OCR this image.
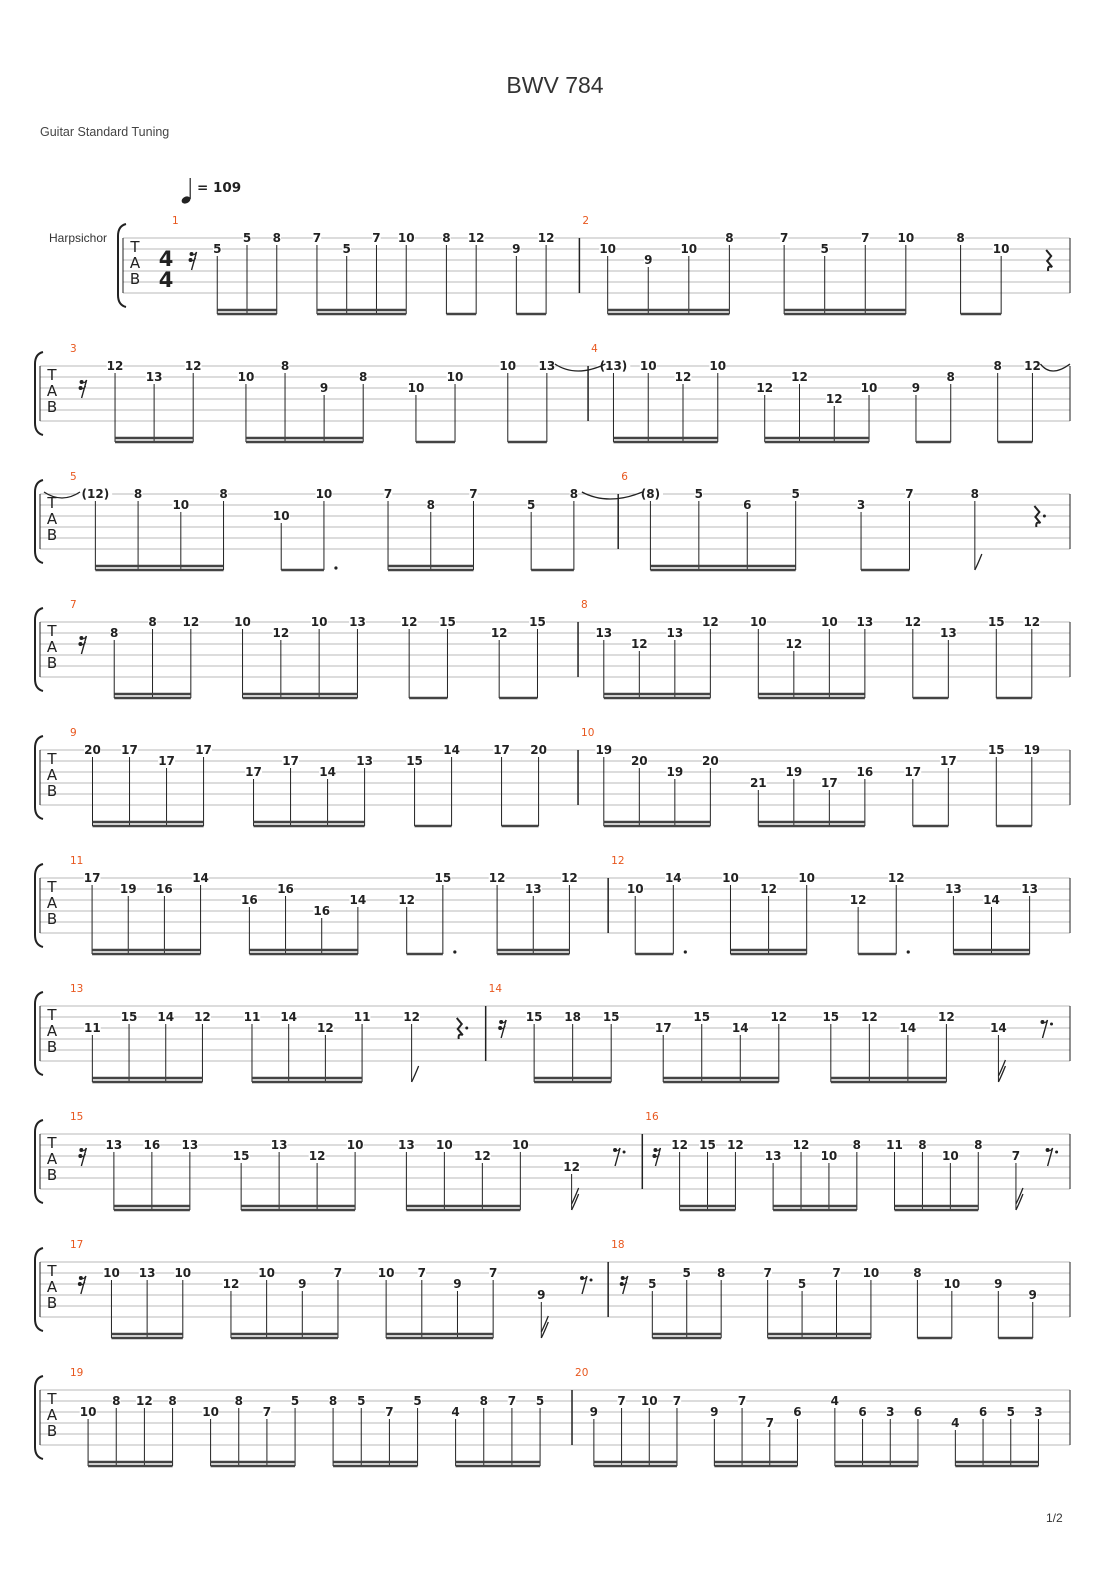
BWV 784
Guitar Standard Tuning
= 109
Harpsichor
1/2
T
A
B
4
4
1
5
5 8	7
5
7 10 8 12
9
12
2
10
9
10
8	7
5
7 10	8
10
T
A
B
3
12
13
12
10
8
9
8
10
10
10 13
4
(13) 10
12
10
12
12
12
10	9
8
8 12
T
A
B
5
(12) 8
10
8
10
10	7
8
7
5
8
6
(8)	5
6
5
3
7	8
T
A
B
7
8
8 12	10
12
10 13	12 15
12
15
8
13
12
13
12	10
12
10 13	12
13
15 12
T
A
B
9
20 17
17
17
17
17
14
13	15
14	17 20
10
19
20
19
20
21
19
17
16	17
17
15 19
T
A
B
11
17
19 16
14
16
16
16
14	12
15	12
13
12
12
10
14	10
12
10
12
12
13
14
13
T
A
B
13
11
15 14 12	11 14
12
11	12
14
15 18 15
17
15
14
12	15 12
14
12
14
T
A
B
15
13 16 13
15
13
12
10	13 10
12
10
12
16
12 15 12
13
12
10
8 11 8
10
8
7
T
A
B
17
10 13 10
12
10
9
7	10 7
9
7
9
18
5
5 8	7
5
7 10	8
10	9
9
T
A
B
19
10
8 12 8
10
8
7
5 8 5
7
5
4
8 7 5
20
9
7 10 7
9
7
7
6
4
6 3 6
4
6 5 3
